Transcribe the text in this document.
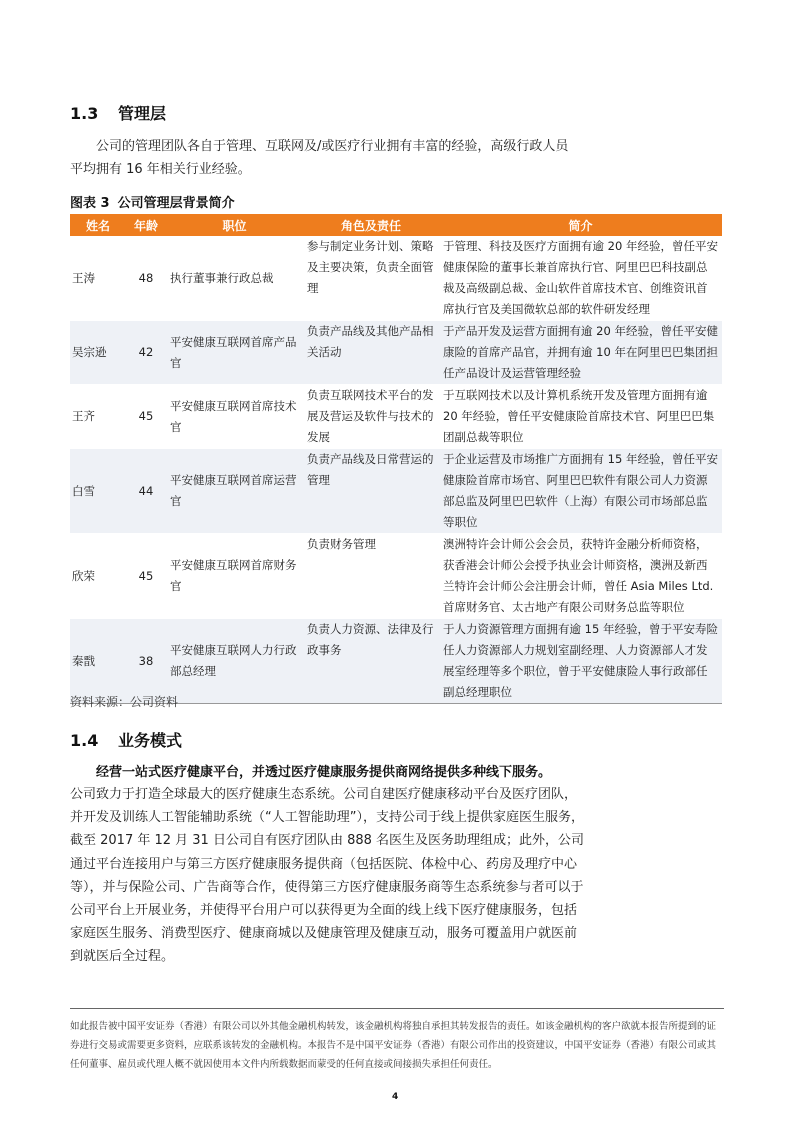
1.3 管理层

公司的管理团队各自于管理、互联网及/或医疗行业拥有丰富的经验，高级行政人员平均拥有 16 年相关行业经验。

图表 3 公司管理层背景简介
姓名	年龄	职位	角色及责任	简介
王涛	48	执行董事兼行政总裁	参与制定业务计划、策略及主要决策，负责全面管理	于管理、科技及医疗方面拥有逾 20 年经验，曾任平安健康保险的董事长兼首席执行官、阿里巴巴科技副总裁及高级副总裁、金山软件首席技术官、创维资讯首席执行官及美国微软总部的软件研发经理
吴宗逊	42	平安健康互联网首席产品官	负责产品线及其他产品相关活动	于产品开发及运营方面拥有逾 20 年经验，曾任平安健康险的首席产品官，并拥有逾 10 年在阿里巴巴集团担任产品设计及运营管理经验
王齐	45	平安健康互联网首席技术官	负责互联网技术平台的发展及营运及软件与技术的发展	于互联网技术以及计算机系统开发及管理方面拥有逾 20 年经验，曾任平安健康险首席技术官、阿里巴巴集团副总裁等职位
白雪	44	平安健康互联网首席运营官	负责产品线及日常营运的管理	于企业运营及市场推广方面拥有 15 年经验，曾任平安健康险首席市场官、阿里巴巴软件有限公司人力资源部总监及阿里巴巴软件（上海）有限公司市场部总监等职位
欣荣	45	平安健康互联网首席财务官	负责财务管理	澳洲特许会计师公会会员，获特许金融分析师资格，获香港会计师公会授予执业会计师资格，澳洲及新西兰特许会计师公会注册会计师，曾任 Asia Miles Ltd. 首席财务官、太古地产有限公司财务总监等职位
秦戬	38	平安健康互联网人力行政部总经理	负责人力资源、法律及行政事务	于人力资源管理方面拥有逾 15 年经验，曾于平安寿险任人力资源部人力规划室副经理、人力资源部人才发展室经理等多个职位，曾于平安健康险人事行政部任副总经理职位
资料来源：公司资料
1.4 业务模式

经营一站式医疗健康平台，并透过医疗健康服务提供商网络提供多种线下服务。

公司致力于打造全球最大的医疗健康生态系统。公司自建医疗健康移动平台及医疗团队，并开发及训练人工智能辅助系统（“人工智能助理”），支持公司于线上提供家庭医生服务，截至 2017 年 12 月 31 日公司自有医疗团队由 888 名医生及医务助理组成；此外，公司通过平台连接用户与第三方医疗健康服务提供商（包括医院、体检中心、药房及理疗中心等），并与保险公司、广告商等合作，使得第三方医疗健康服务商等生态系统参与者可以于公司平台上开展业务，并使得平台用户可以获得更为全面的线上线下医疗健康服务，包括家庭医生服务、消费型医疗、健康商城以及健康管理及健康互动，服务可覆盖用户就医前到就医后全过程。

如此报告被中国平安证券（香港）有限公司以外其他金融机构转发，该金融机构将独自承担其转发报告的责任。如该金融机构的客户欲就本报告所提到的证券进行交易或需要更多资料，应联系该转发的金融机构。本报告不是中国平安证券（香港）有限公司作出的投资建议，中国平安证券（香港）有限公司或其任何董事、雇员或代理人概不就因使用本文件内所载数据而蒙受的任何直接或间接损失承担任何责任。

4
